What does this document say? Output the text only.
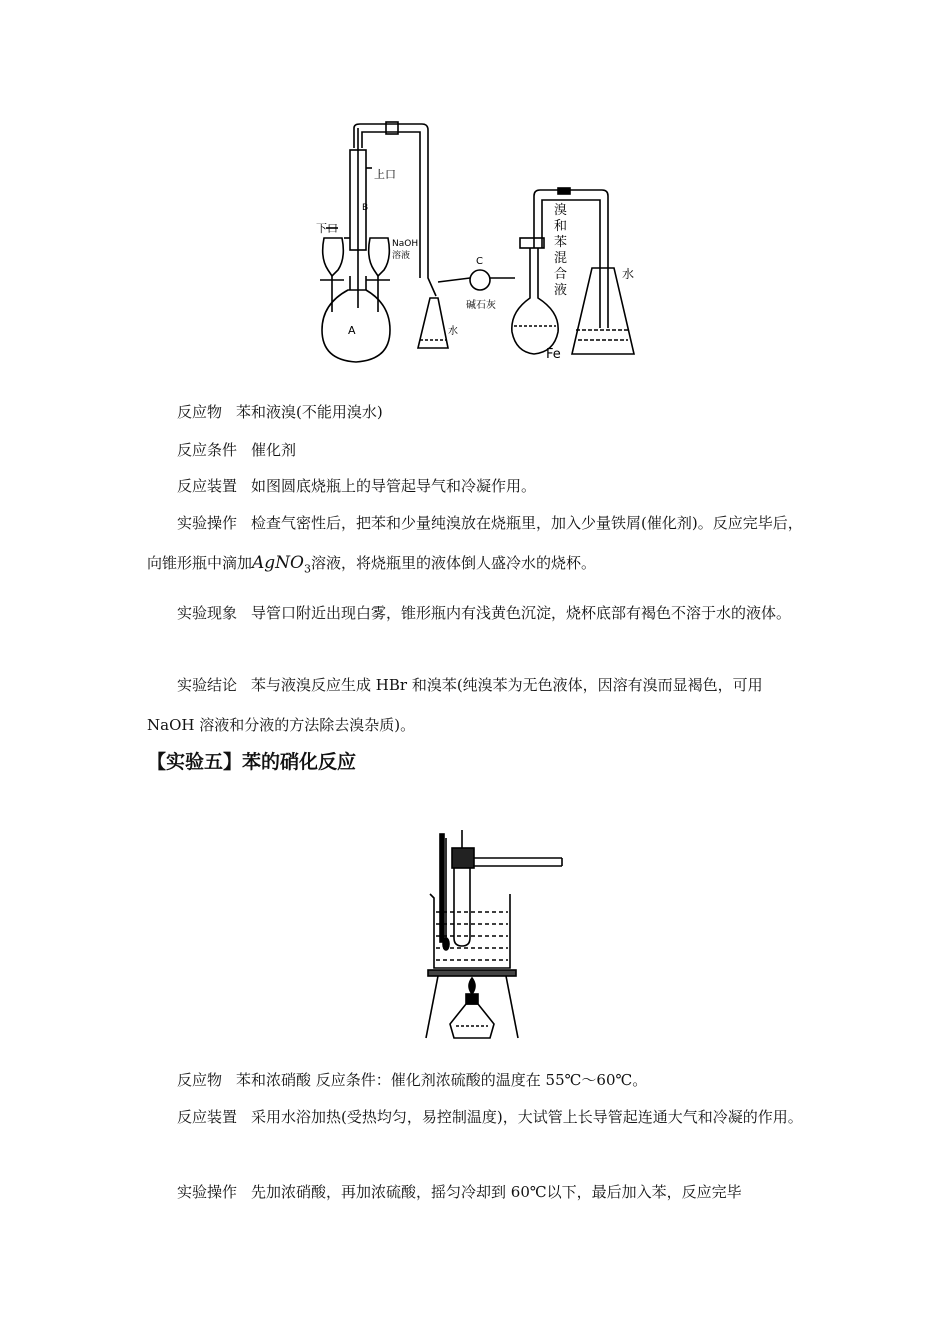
上口
下口
NaOH
溶液
A
B
C
碱石灰
水
溴
和
苯
混
合
液
Fe
水
反应物 苯和液溴(不能用溴水)
反应条件 催化剂
反应装置 如图圆底烧瓶上的导管起导气和冷凝作用。
实验操作 检查气密性后，把苯和少量纯溴放在烧瓶里，加入少量铁屑(催化剂)。反应完毕后，向锥形瓶中滴加AgNO$_3$溶液，将烧瓶里的液体倒人盛冷水的烧杯。
实验现象 导管口附近出现白雾，锥形瓶内有浅黄色沉淀，烧杯底部有褐色不溶于水的液体。
实验结论 苯与液溴反应生成 HBr 和溴苯(纯溴苯为无色液体，因溶有溴而显褐色，可用 NaOH 溶液和分液的方法除去溴杂质)。
【实验五】苯的硝化反应
反应物 苯和浓硝酸 反应条件：催化剂浓硫酸的温度在 55℃～60℃。
反应装置 采用水浴加热(受热均匀，易控制温度)，大试管上长导管起连通大气和冷凝的作用。
实验操作 先加浓硝酸，再加浓硫酸，摇匀冷却到 60℃以下，最后加入苯，反应完毕
